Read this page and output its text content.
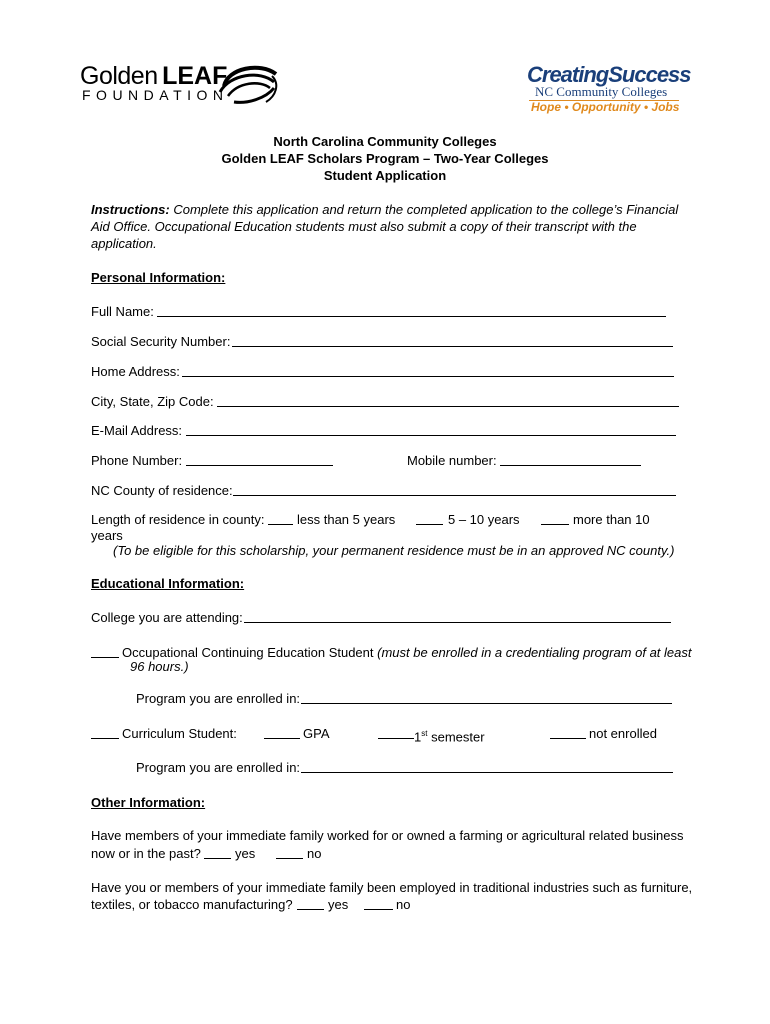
Golden LEAF
FOUNDATION
CreatingSuccess
NC Community Colleges
Hope • Opportunity • Jobs
North Carolina Community Colleges
Golden LEAF Scholars Program – Two-Year Colleges
Student Application
Instructions: Complete this application and return the completed application to the college’s Financial
Aid Office. Occupational Education students must also submit a copy of their transcript with the
application.
Personal Information:
Full Name:
Social Security Number:
Home Address:
City, State, Zip Code:
E-Mail Address:
Phone Number:	Mobile number:
NC County of residence:
Length of residence in county:	less than 5 years	5 – 10 years	more than 10
years
(To be eligible for this scholarship, your permanent residence must be in an approved NC county.)
Educational Information:
College you are attending:
Occupational Continuing Education Student (must be enrolled in a credentialing program of at least
96 hours.)
Program you are enrolled in:
Curriculum Student:	GPA	1st semester	not enrolled
Program you are enrolled in:
Other Information:
Have members of your immediate family worked for or owned a farming or agricultural related business
now or in the past?	yes	no
Have you or members of your immediate family been employed in traditional industries such as furniture,
textiles, or tobacco manufacturing?	yes	no
